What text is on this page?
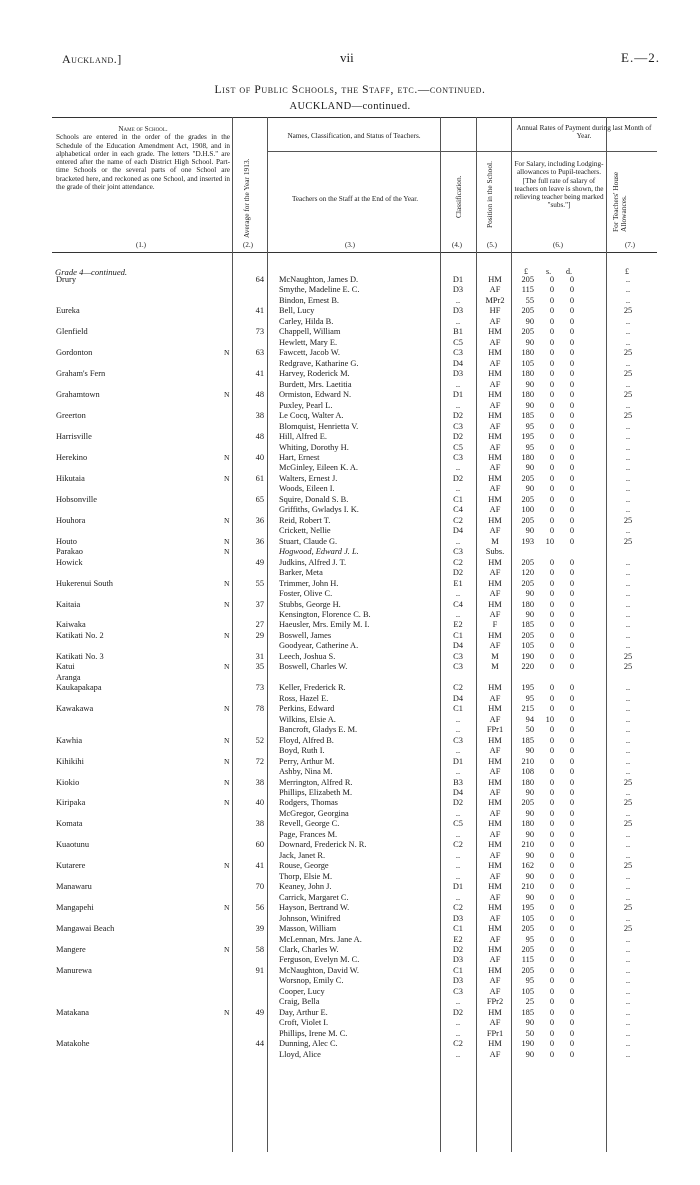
Auckland.]	vii	E.—2.
List of Public Schools, the Staff, etc.—continued.
AUCKLAND—continued.
Name of School.
Schools are entered in the order of the grades in the Schedule of the Education Amendment Act, 1908, and in alphabetical order in each grade. The letters "D.H.S." are entered after the name of each District High School. Part-time Schools or the several parts of one School are bracketed here, and reckoned as one School, and inserted in the grade of their joint attendance.	Average for the Year 1913.
Names, Classification, and Status of Teachers.
Teachers on the Staff at the End of the Year.	Classification.	Position in the School.
Annual Rates of Payment during last Month of Year.
For Salary, including Lodging-allowances to Pupil-teachers.
[The full rate of salary of teachers on leave is shown, the relieving teacher being marked "subs."]	For Teachers' House Allowances.
(1.)	(2.)	(3.)	(4.)	(5.)	(6.)	(7.)
£ s. d.	£
Grade 4—continued.
Drury	64 McNaughton, James D.	D1	HM	205	0	0	..
Smythe, Madeline E. C.	D3	AF	115	0	0	..
Bindon, Ernest B.	..	MPr2	55	0	0	..
Eureka	41 Bell, Lucy	D3	HF	205	0	0	25
Carley, Hilda B.	..	AF	90	0	0	..
Glenfield	73 Chappell, William	B1	HM	205	0	0	..
Hewlett, Mary E.	C5	AF	90	0	0	..
Gordonton	N	63 Fawcett, Jacob W.	C3	HM	180	0	0	25
Redgrave, Katharine G.	D4	AF	105	0	0	..
Graham's Fern	41 Harvey, Roderick M.	D3	HM	180	0	0	25
Burdett, Mrs. Laetitia	..	AF	90	0	0	..
Grahamtown	N	48 Ormiston, Edward N.	D1	HM	180	0	0	25
Puxley, Pearl L.	..	AF	90	0	0	..
Greerton	38 Le Cocq, Walter A.	D2	HM	185	0	0	25
Blomquist, Henrietta V.	C3	AF	95	0	0	..
Harrisville	48 Hill, Alfred E.	D2	HM	195	0	0	..
Whiting, Dorothy H.	C5	AF	95	0	0	..
Herekino	N	40 Hart, Ernest	C3	HM	180	0	0	..
McGinley, Eileen K. A.	..	AF	90	0	0	..
Hikutaia	N	61 Walters, Ernest J.	D2	HM	205	0	0	..
Woods, Eileen I.	..	AF	90	0	0	..
Hobsonville	65 Squire, Donald S. B.	C1	HM	205	0	0	..
Griffiths, Gwladys I. K.	C4	AF	100	0	0	..
Houhora	N	36 Reid, Robert T.	C2	HM	205	0	0	25
Crickett, Nellie	D4	AF	90	0	0	..
Houto	N	36 Stuart, Claude G.	..	M	193	10	0	25
Parakao	N	Hogwood, Edward J. L.	C3	Subs.
Howick	49 Judkins, Alfred J. T.	C2	HM	205	0	0	..
Barker, Meta	D2	AF	120	0	0	..
Hukerenui South	N	55 Trimmer, John H.	E1	HM	205	0	0	..
Foster, Olive C.	..	AF	90	0	0	..
Kaitaia	N	37 Stubbs, George H.	C4	HM	180	0	0	..
Kensington, Florence C. B.	..	AF	90	0	0	..
Kaiwaka	27 Haeusler, Mrs. Emily M. I.	E2	F	185	0	0	..
Katikati No. 2	N	29 Boswell, James	C1	HM	205	0	0	..
Goodyear, Catherine A.	D4	AF	105	0	0	..
Katikati No. 3	31 Leech, Joshua S.	C3	M	190	0	0	25
Katui	N	35 Boswell, Charles W.	C3	M	220	0	0	25
Aranga
Kaukapakapa	73 Keller, Frederick R.	C2	HM	195	0	0	..
Ross, Hazel E.	D4	AF	95	0	0	..
Kawakawa	N	78 Perkins, Edward	C1	HM	215	0	0	..
Wilkins, Elsie A.	..	AF	94	10	0	..
Bancroft, Gladys E. M.	..	FPr1	50	0	0	..
Kawhia	N	52 Floyd, Alfred B.	C3	HM	185	0	0	..
Boyd, Ruth I.	..	AF	90	0	0	..
Kihikihi	N	72 Perry, Arthur M.	D1	HM	210	0	0	..
Ashby, Nina M.	..	AF	108	0	0	..
Kiokio	N	38 Merrington, Alfred R.	B3	HM	180	0	0	25
Phillips, Elizabeth M.	D4	AF	90	0	0	..
Kiripaka	N	40 Rodgers, Thomas	D2	HM	205	0	0	25
McGregor, Georgina	..	AF	90	0	0	..
Komata	38 Revell, George C.	C5	HM	180	0	0	25
Page, Frances M.	..	AF	90	0	0	..
Kuaotunu	60 Downard, Frederick N. R.	C2	HM	210	0	0	..
Jack, Janet R.	..	AF	90	0	0	..
Kutarere	N	41 Rouse, George	..	HM	162	0	0	25
Thorp, Elsie M.	..	AF	90	0	0	..
Manawaru	70 Keaney, John J.	D1	HM	210	0	0	..
Carrick, Margaret C.	..	AF	90	0	0	..
Mangapehi	N	56 Hayson, Bertrand W.	C2	HM	195	0	0	25
Johnson, Winifred	D3	AF	105	0	0	..
Mangawai Beach	39 Masson, William	C1	HM	205	0	0	25
McLennan, Mrs. Jane A.	E2	AF	95	0	0	..
Mangere	N	58 Clark, Charles W.	D2	HM	205	0	0	..
Ferguson, Evelyn M. C.	D3	AF	115	0	0	..
Manurewa	91 McNaughton, David W.	C1	HM	205	0	0	..
Worsnop, Emily C.	D3	AF	95	0	0	..
Cooper, Lucy	C3	AF	105	0	0	..
Craig, Bella	..	FPr2	25	0	0	..
Matakana	N	49 Day, Arthur E.	D2	HM	185	0	0	..
Croft, Violet I.	..	AF	90	0	0	..
Phillips, Irene M. C.	..	FPr1	50	0	0	..
Matakohe	44 Dunning, Alec C.	C2	HM	190	0	0	..
Lloyd, Alice	..	AF	90	0	0	..
